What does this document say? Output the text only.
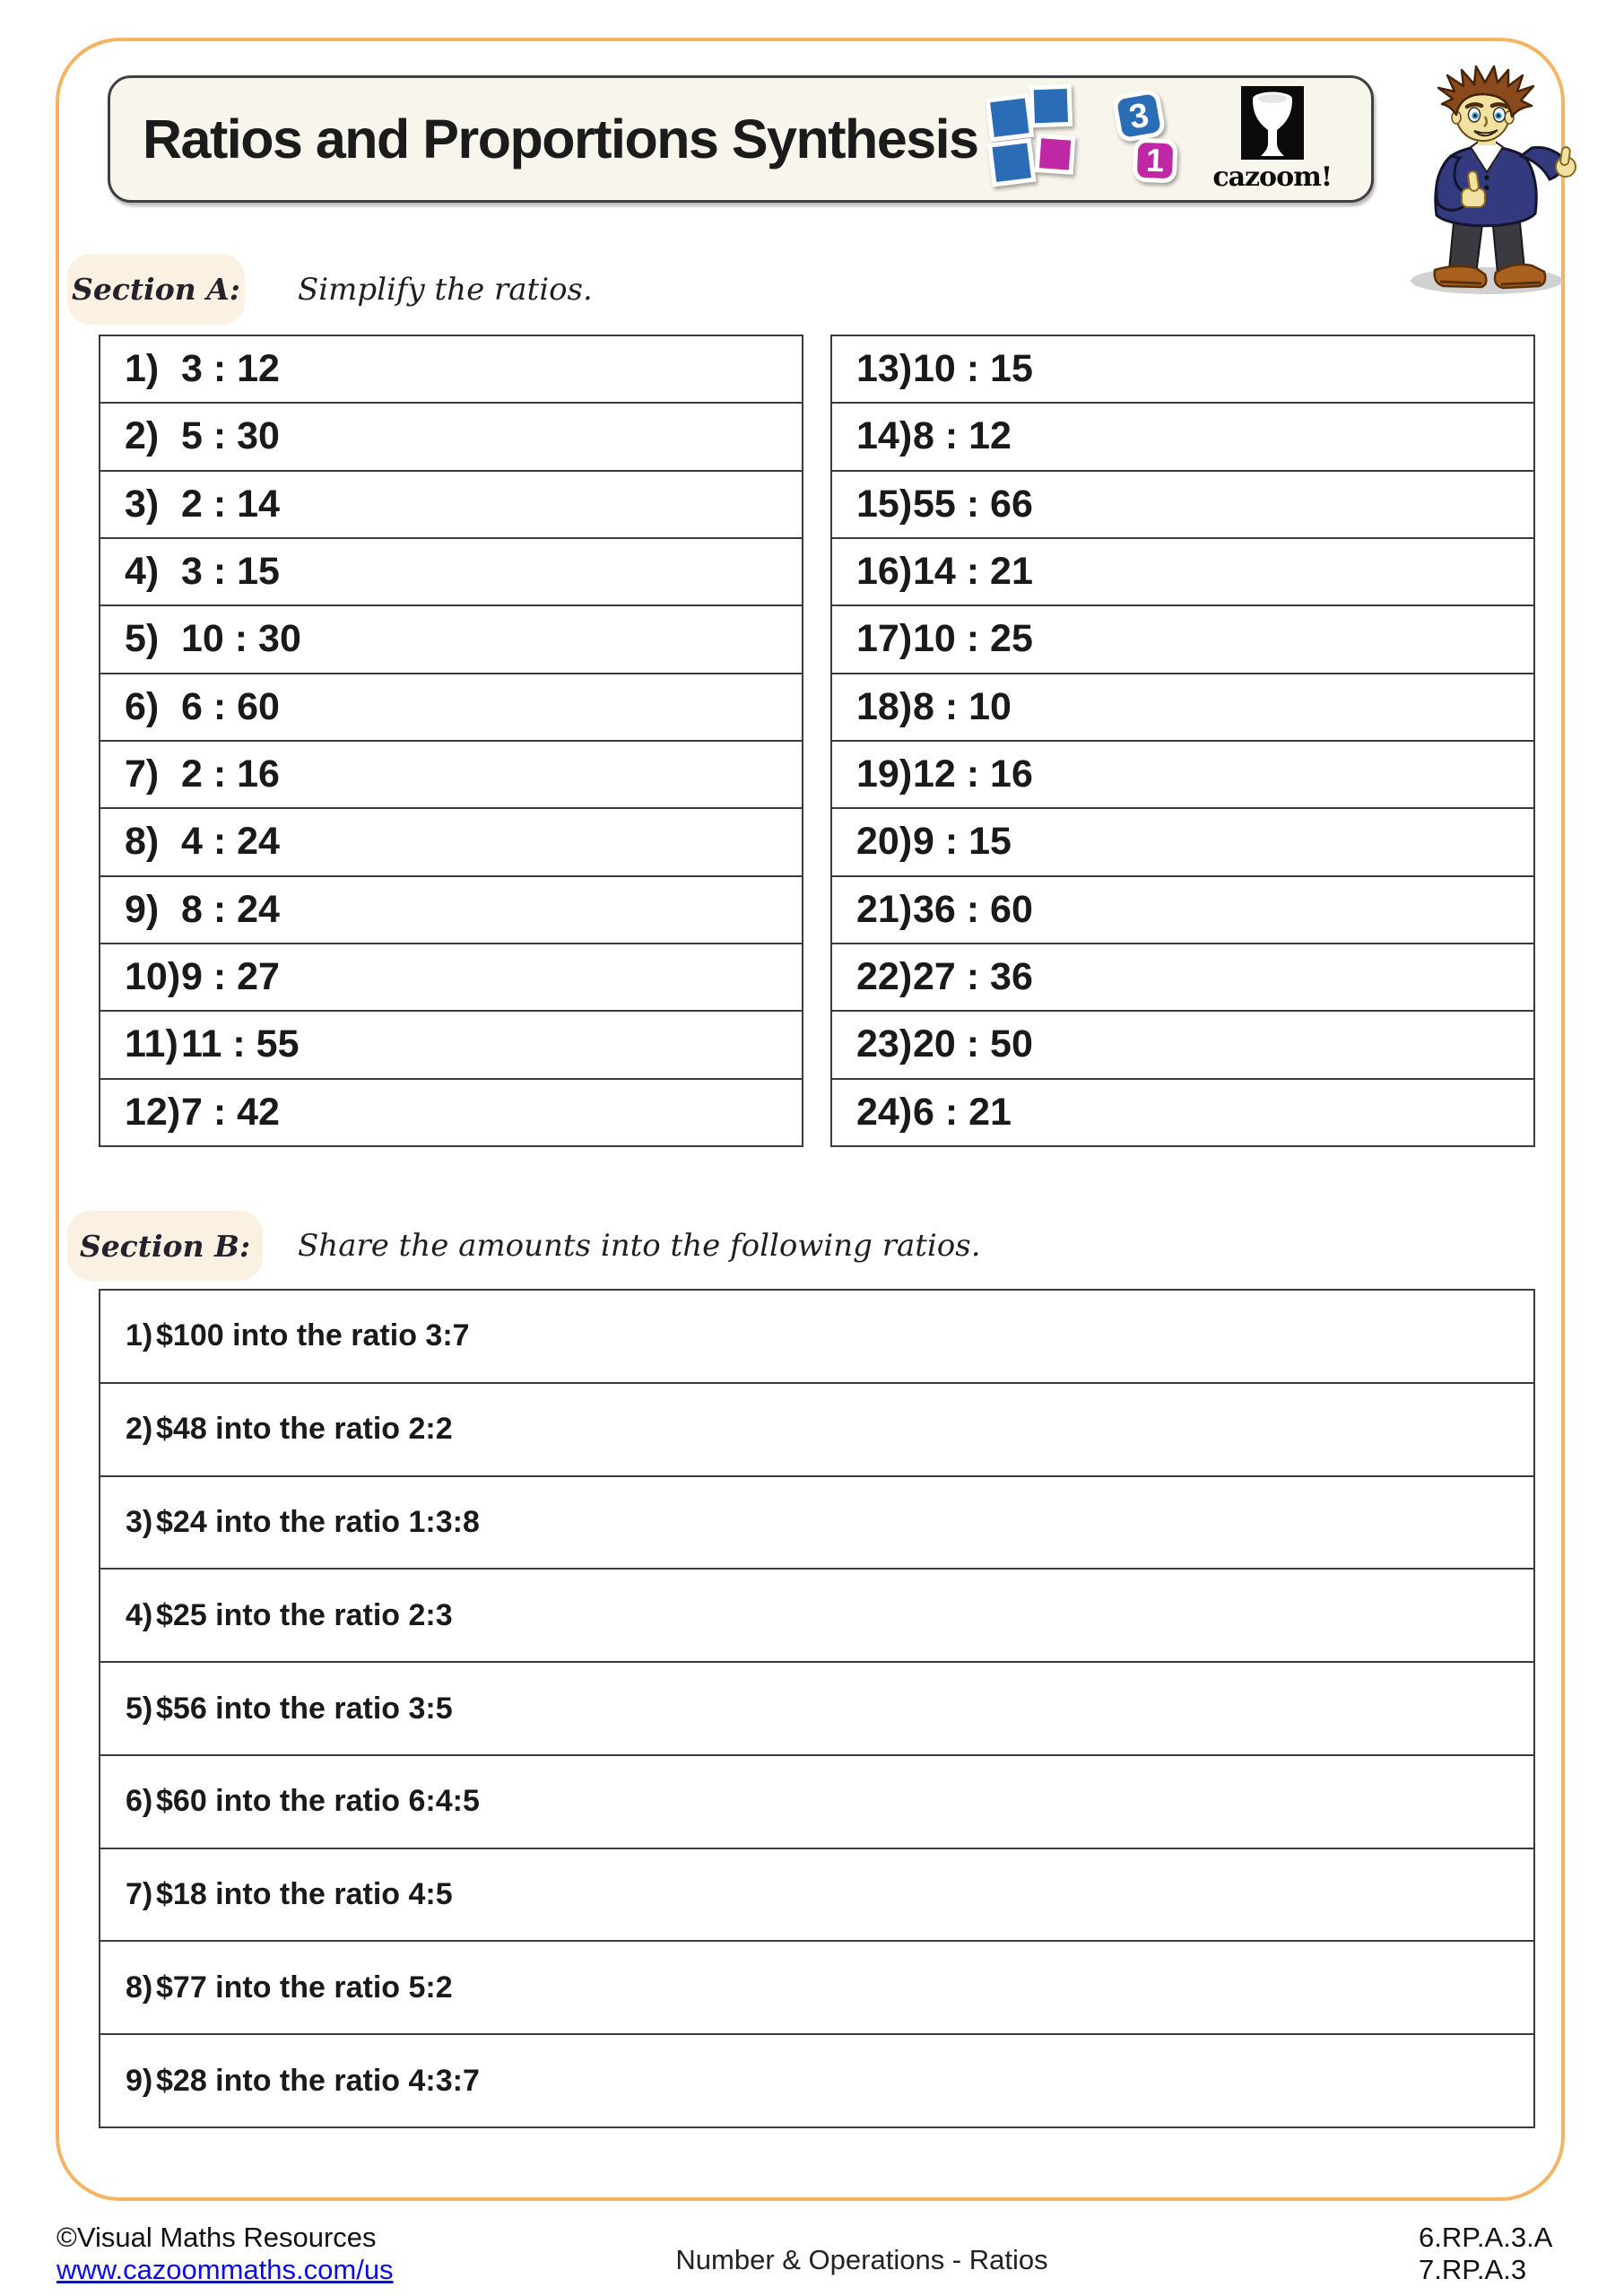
Ratios and Proportions Synthesis	3
1 cazoom!
Section A: Simplify the ratios.
1) 3 : 12
2) 5 : 30
3) 2 : 14
4) 3 : 15
5) 10 : 30
6) 6 : 60
7) 2 : 16
8) 4 : 24
9) 8 : 24
10) 9 : 27
11) 11 : 55
12) 7 : 42
13) 10 : 15
14) 8 : 12
15) 55 : 66
16) 14 : 21
17) 10 : 25
18) 8 : 10
19) 12 : 16
20) 9 : 15
21) 36 : 60
22) 27 : 36
23) 20 : 50
24) 6 : 21
Section B: Share the amounts into the following ratios.
1) $100 into the ratio 3:7
2) $48 into the ratio 2:2
3) $24 into the ratio 1:3:8
4) $25 into the ratio 2:3
5) $56 into the ratio 3:5
6) $60 into the ratio 6:4:5
7) $18 into the ratio 4:5
8) $77 into the ratio 5:2
9) $28 into the ratio 4:3:7
©Visual Maths Resources
www.cazoommaths.com/us	Number & Operations - Ratios
6.RP.A.3.A
7.RP.A.3
